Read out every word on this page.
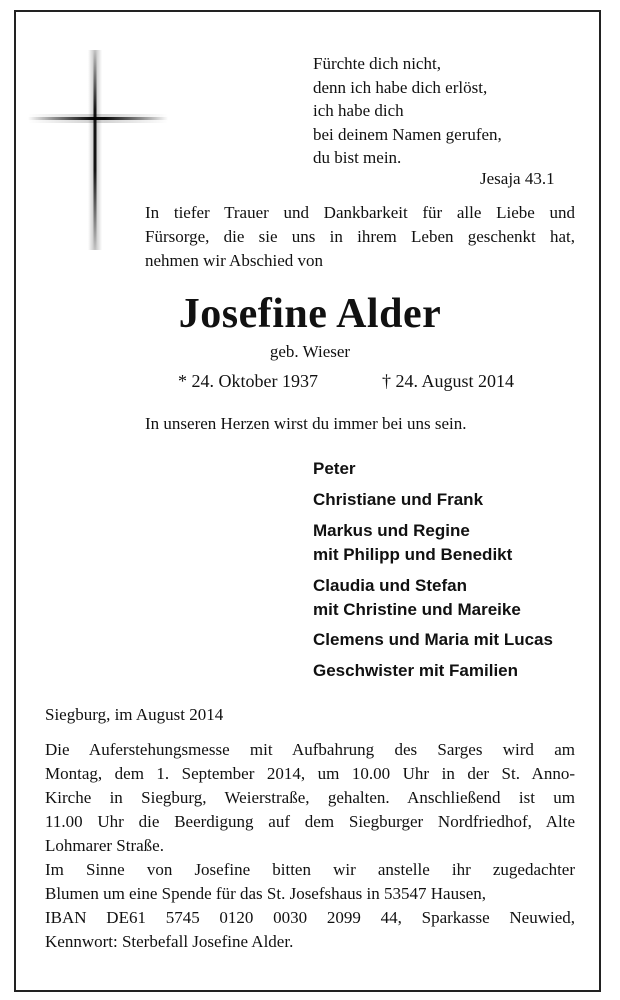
Fürchte dich nicht,
denn ich habe dich erlöst,
ich habe dich
bei deinem Namen gerufen,
du bist mein.
Jesaja 43.1
In tiefer Trauer und Dankbarkeit für alle Liebe und
Fürsorge, die sie uns in ihrem Leben geschenkt hat,
nehmen wir Abschied von
Josefine Alder
geb. Wieser
* 24. Oktober 1937	† 24. August 2014
In unseren Herzen wirst du immer bei uns sein.
Peter
Christiane und Frank
Markus und Regine
mit Philipp und Benedikt
Claudia und Stefan
mit Christine und Mareike
Clemens und Maria mit Lucas
Geschwister mit Familien
Siegburg, im August 2014
Die Auferstehungsmesse mit Aufbahrung des Sarges wird am
Montag, dem 1. September 2014, um 10.00 Uhr in der St. Anno-
Kirche in Siegburg, Weierstraße, gehalten. Anschließend ist um
11.00 Uhr die Beerdigung auf dem Siegburger Nordfriedhof, Alte
Lohmarer Straße.
Im Sinne von Josefine bitten wir anstelle ihr zugedachter
Blumen um eine Spende für das St. Josefshaus in 53547 Hausen,
IBAN DE61 5745 0120 0030 2099 44, Sparkasse Neuwied,
Kennwort: Sterbefall Josefine Alder.
